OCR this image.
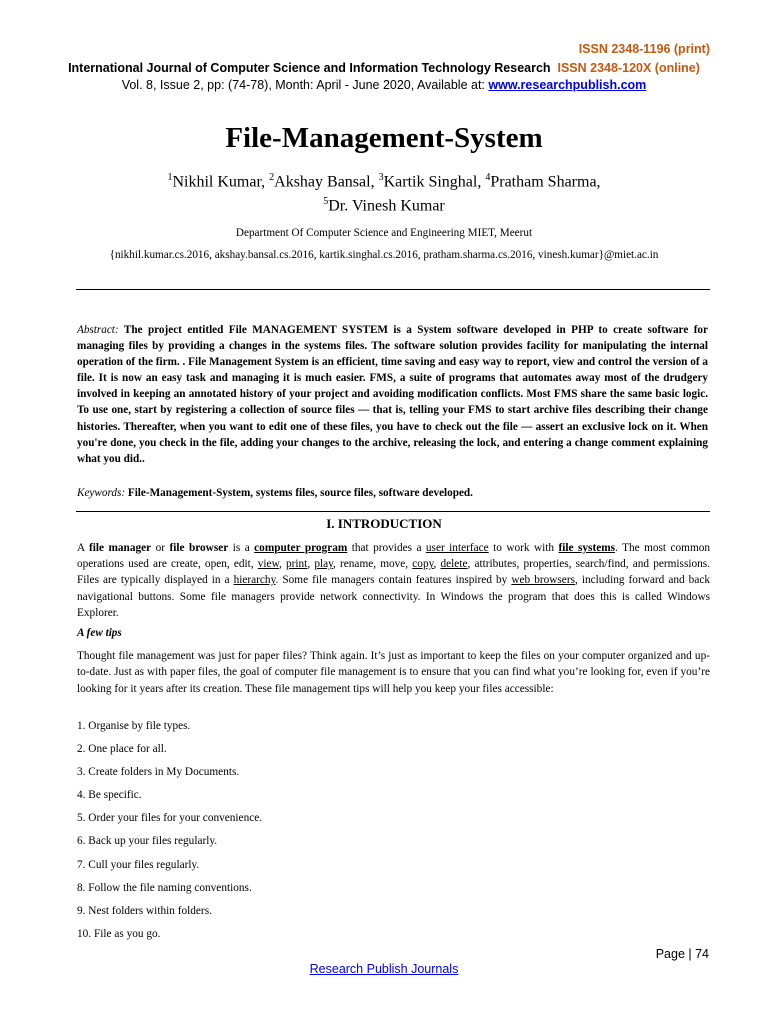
ISSN 2348-1196 (print)
International Journal of Computer Science and Information Technology Research ISSN 2348-120X (online)
Vol. 8, Issue 2, pp: (74-78), Month: April - June 2020, Available at: www.researchpublish.com
File-Management-System
$^1$Nikhil Kumar, $^2$Akshay Bansal, $^3$Kartik Singhal, $^4$Pratham Sharma,
$^5$Dr. Vinesh Kumar
Department Of Computer Science and Engineering MIET, Meerut
{nikhil.kumar.cs.2016, akshay.bansal.cs.2016, kartik.singhal.cs.2016, pratham.sharma.cs.2016, vinesh.kumar}@miet.ac.in
Abstract: The project entitled File MANAGEMENT SYSTEM is a System software developed in PHP to create software for managing files by providing a changes in the systems files. The software solution provides facility for manipulating the internal operation of the firm. . File Management System is an efficient, time saving and easy way to report, view and control the version of a file. It is now an easy task and managing it is much easier. FMS, a suite of programs that automates away most of the drudgery involved in keeping an annotated history of your project and avoiding modification conflicts. Most FMS share the same basic logic. To use one, start by registering a collection of source files — that is, telling your FMS to start archive files describing their change histories. Thereafter, when you want to edit one of these files, you have to check out the file — assert an exclusive lock on it. When you're done, you check in the file, adding your changes to the archive, releasing the lock, and entering a change comment explaining what you did..
Keywords: File-Management-System, systems files, source files, software developed.
I. INTRODUCTION
A file manager or file browser is a computer program that provides a user interface to work with file systems. The most common operations used are create, open, edit, view, print, play, rename, move, copy, delete, attributes, properties, search/find, and permissions. Files are typically displayed in a hierarchy. Some file managers contain features inspired by web browsers, including forward and back navigational buttons. Some file managers provide network connectivity. In Windows the program that does this is called Windows Explorer.
A few tips
Thought file management was just for paper files? Think again. It’s just as important to keep the files on your computer organized and up-to-date. Just as with paper files, the goal of computer file management is to ensure that you can find what you’re looking for, even if you’re looking for it years after its creation. These file management tips will help you keep your files accessible:
1. Organise by file types.
2. One place for all.
3. Create folders in My Documents.
4. Be specific.
5. Order your files for your convenience.
6. Back up your files regularly.
7. Cull your files regularly.
8. Follow the file naming conventions.
9. Nest folders within folders.
10. File as you go.
Page | 74
Research Publish Journals
